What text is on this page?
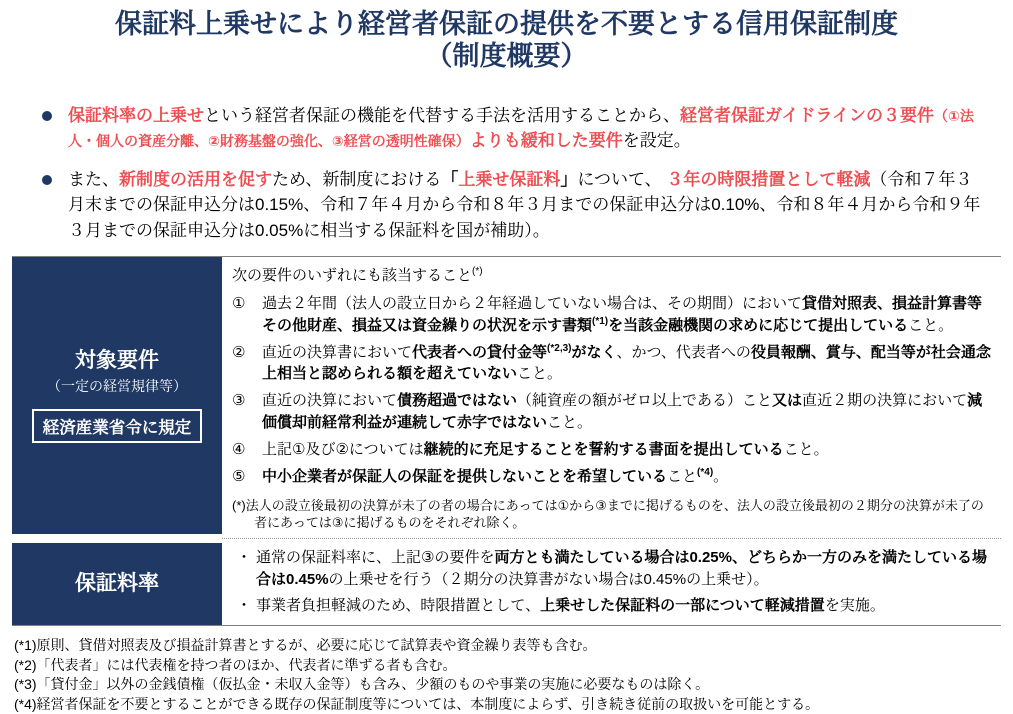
保証料上乗せにより経営者保証の提供を不要とする信用保証制度
（制度概要）

保証料率の上乗せという経営者保証の機能を代替する手法を活用することから、経営者保証ガイドラインの３要件（①法人・個人の資産分離、②財務基盤の強化、③経営の透明性確保）よりも緩和した要件を設定。

また、新制度の活用を促すため、新制度における「上乗せ保証料」について、 ３年の時限措置として軽減（令和７年３月末までの保証申込分は0.15%、令和７年４月から令和８年３月までの保証申込分は0.10%、令和８年４月から令和９年３月までの保証申込分は0.05%に相当する保証料を国が補助）。

対象要件
（一定の経営規律等）
経済産業省令に規定

次の要件のいずれにも該当すること(*)

①	過去２年間（法人の設立日から２年経過していない場合は、その期間）において貸借対照表、損益計算書等その他財産、損益又は資金繰りの状況を示す書類$^{(*1)}$を当該金融機関の求めに応じて提出していること。

②	直近の決算書において代表者への貸付金等$^{(*2,3)}$がなく、かつ、代表者への役員報酬、賞与、配当等が社会通念上相当と認められる額を超えていないこと。

③	直近の決算において債務超過ではない（純資産の額がゼロ以上である）こと又は直近２期の決算において減価償却前経常利益が連続して赤字ではないこと。

④	上記①及び②については継続的に充足することを誓約する書面を提出していること。

⑤	中小企業者が保証人の保証を提供しないことを希望していること$^{(*4)}$。

(*)法人の設立後最初の決算が未了の者の場合にあっては①から③までに掲げるものを、法人の設立後最初の２期分の決算が未了の者にあっては③に掲げるものをそれぞれ除く。

保証料率
・ 通常の保証料率に、上記③の要件を両方とも満たしている場合は0.25%、どちらか一方のみを満たしている場合は0.45%の上乗せを行う（２期分の決算書がない場合は0.45%の上乗せ）。

・ 事業者負担軽減のため、時限措置として、上乗せした保証料の一部について軽減措置を実施。

(*1)原則、貸借対照表及び損益計算書とするが、必要に応じて試算表や資金繰り表等も含む。

(*2)「代表者」には代表権を持つ者のほか、代表者に準ずる者も含む。

(*3)「貸付金」以外の金銭債権（仮払金・未収入金等）も含み、少額のものや事業の実施に必要なものは除く。

(*4)経営者保証を不要とすることができる既存の保証制度等については、本制度によらず、引き続き従前の取扱いを可能とする。
